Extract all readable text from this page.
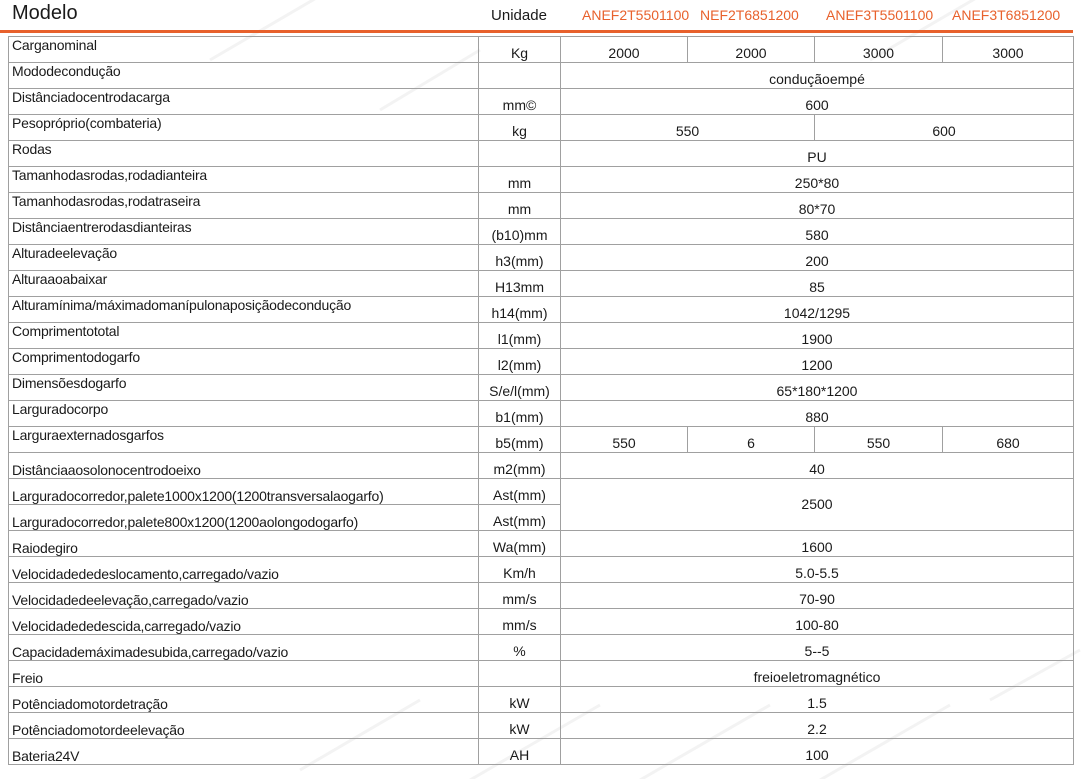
Modelo	Unidade	ANEF2T5501100 NEF2T6851200 ANEF3T5501100 ANEF3T6851200
Carganominal	Kg	2000	2000	3000	3000
Mododecondução		conduçãoempé			
Distânciadocentrodacarga	mm©	600			
Pesopróprio(combateria)	kg	550		600	
Rodas		PU			
Tamanhodasrodas,rodadianteira	mm	250*80			
Tamanhodasrodas,rodatraseira	mm	80*70			
Distânciaentrerodasdianteiras	(b10)mm	580			
Alturadeelevação	h3(mm)	200			
Alturaaoabaixar	H13mm	85			
Alturamínima/máximadomanípulonaposiçãodecondução	h14(mm)	1042/1295			
Comprimentototal	l1(mm)	1900			
Comprimentodogarfo	l2(mm)	1200			
Dimensõesdogarfo	S/e/l(mm)	65*180*1200			
Larguradocorpo	b1(mm)	880			
Larguraexternadosgarfos	b5(mm)	550	6	550	680
Distânciaaosolonocentrodoeixo	m2(mm)	40			
Larguradocorredor,palete1000x1200(1200transversalaogarfo)	Ast(mm)	2500			
Larguradocorredor,palete800x1200(1200aolongodogarfo)	Ast(mm)				
Raiodegiro	Wa(mm)	1600			
Velocidadededeslocamento,carregado/vazio	Km/h	5.0-5.5			
Velocidadedeelevação,carregado/vazio	mm/s	70-90			
Velocidadededescida,carregado/vazio	mm/s	100-80			
Capacidademáximadesubida,carregado/vazio	%	5--5			
Freio		freioeletromagnético			
Potênciadomotordetração	kW	1.5			
Potênciadomotordeelevação	kW	2.2			
Bateria24V	AH	100			
